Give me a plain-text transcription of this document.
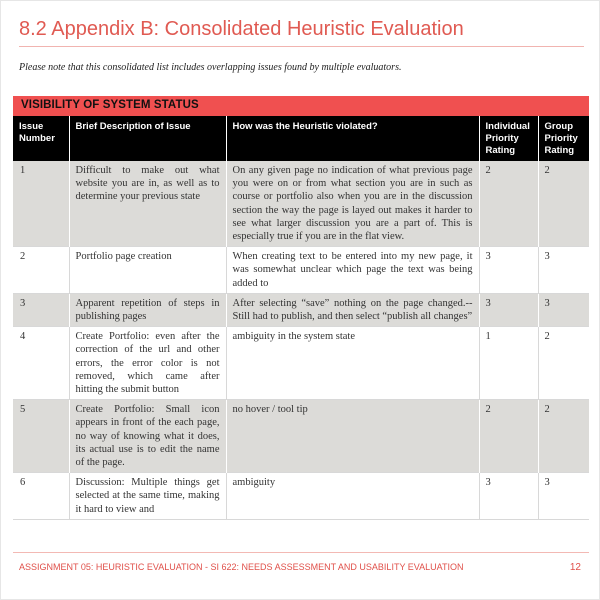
8.2 Appendix B: Consolidated Heuristic Evaluation
Please note that this consolidated list includes overlapping issues found by multiple evaluators.
VISIBILITY OF SYSTEM STATUS
Issue Number	Brief Description of Issue	How was the Heuristic violated?	Individual Priority Rating	Group Priority Rating
1	Difficult to make out what website you are in, as well as to determine your previous state	On any given page no indication of what previous page you were on or from what section you are in such as course or portfolio also when you are in the discussion section the way the page is layed out makes it harder to see what larger discussion you are a part of. This is especially true if you are in the flat view.	2	2
2	Portfolio page creation	When creating text to be entered into my new page, it was somewhat unclear which page the text was being added to	3	3
3	Apparent repetition of steps in publishing pages	After selecting “save” nothing on the page changed.--Still had to publish, and then select “publish all changes”	3	3
4	Create Portfolio: even after the correction of the url and other errors, the error color is not removed, which came after hitting the submit button	ambiguity in the system state	1	2
5	Create Portfolio: Small icon appears in front of the each page, no way of knowing what it does, its actual use is to edit the name of the page.	no hover / tool tip	2	2
6	Discussion: Multiple things get selected at the same time, making it hard to view and	ambiguity	3	3
ASSIGNMENT 05: HEURISTIC EVALUATION - SI 622: NEEDS ASSESSMENT AND USABILITY EVALUATION	12
